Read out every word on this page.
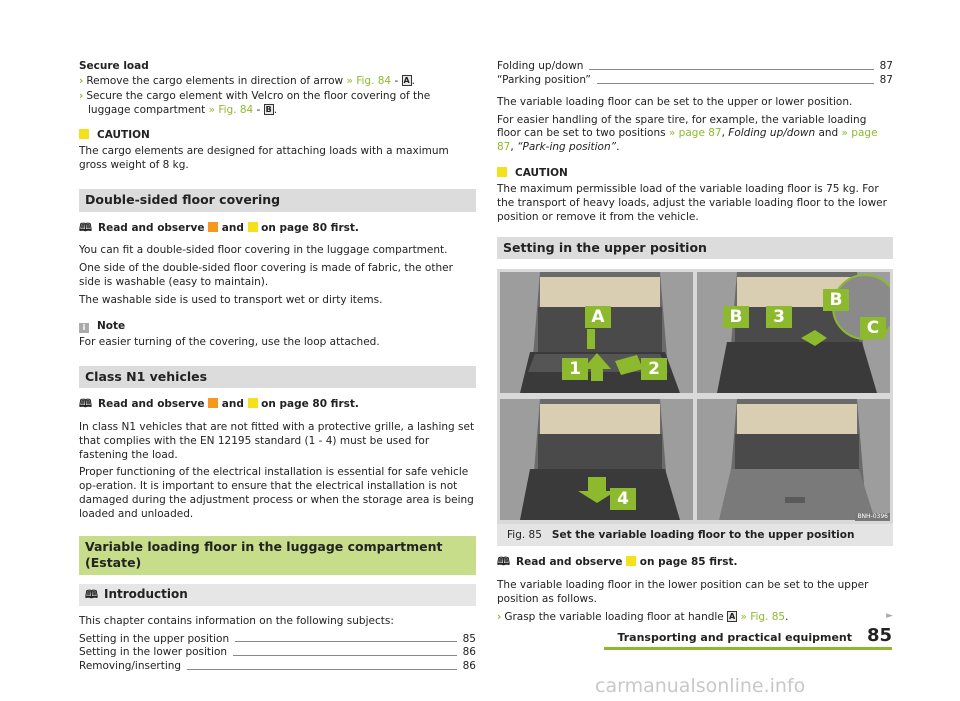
Secure load

› Remove the cargo elements in direction of arrow » Fig. 84 - A .

› Secure the cargo element with Velcro on the floor covering of the luggage compartment » Fig. 84 - B .

CAUTION

The cargo elements are designed for attaching loads with a maximum gross weight of 8 kg.

Double-sided floor covering

🕮 Read and observe  and  on page 80 first.

You can fit a double-sided floor covering in the luggage compartment.

One side of the double-sided floor covering is made of fabric, the other side is washable (easy to maintain).

The washable side is used to transport wet or dirty items.

i Note

For easier turning of the covering, use the loop attached.

Class N1 vehicles

🕮 Read and observe  and  on page 80 first.

In class N1 vehicles that are not fitted with a protective grille, a lashing set that complies with the EN 12195 standard (1 - 4) must be used for fastening the load.

Proper functioning of the electrical installation is essential for safe vehicle op-eration. It is important to ensure that the electrical installation is not damaged during the adjustment process or when the storage area is being loaded and unloaded.

Variable loading floor in the luggage compartment (Estate)
🕮 Introduction

This chapter contains information on the following subjects:

Setting in the upper position	85
Setting in the lower position	86
Removing/inserting	86
Folding up/down	87
“Parking position”	87

The variable loading floor can be set to the upper or lower position.

For easier handling of the spare tire, for example, the variable loading floor can be set to two positions » page 87, Folding up/down and » page 87, “Park-ing position”.

CAUTION

The maximum permissible load of the variable loading floor is 75 kg. For the transport of heavy loads, adjust the variable loading floor to the lower position or remove it from the vehicle.

Setting in the upper position
A
1	2
B	3
B
C
4
BNH-0396
Fig. 85 Set the variable loading floor to the upper position

🕮 Read and observe  on page 85 first.

The variable loading floor in the lower position can be set to the upper position as follows.

› Grasp the variable loading floor at handle A » Fig. 85.	►

Transporting and practical equipment 85
carmanualsonline.info
